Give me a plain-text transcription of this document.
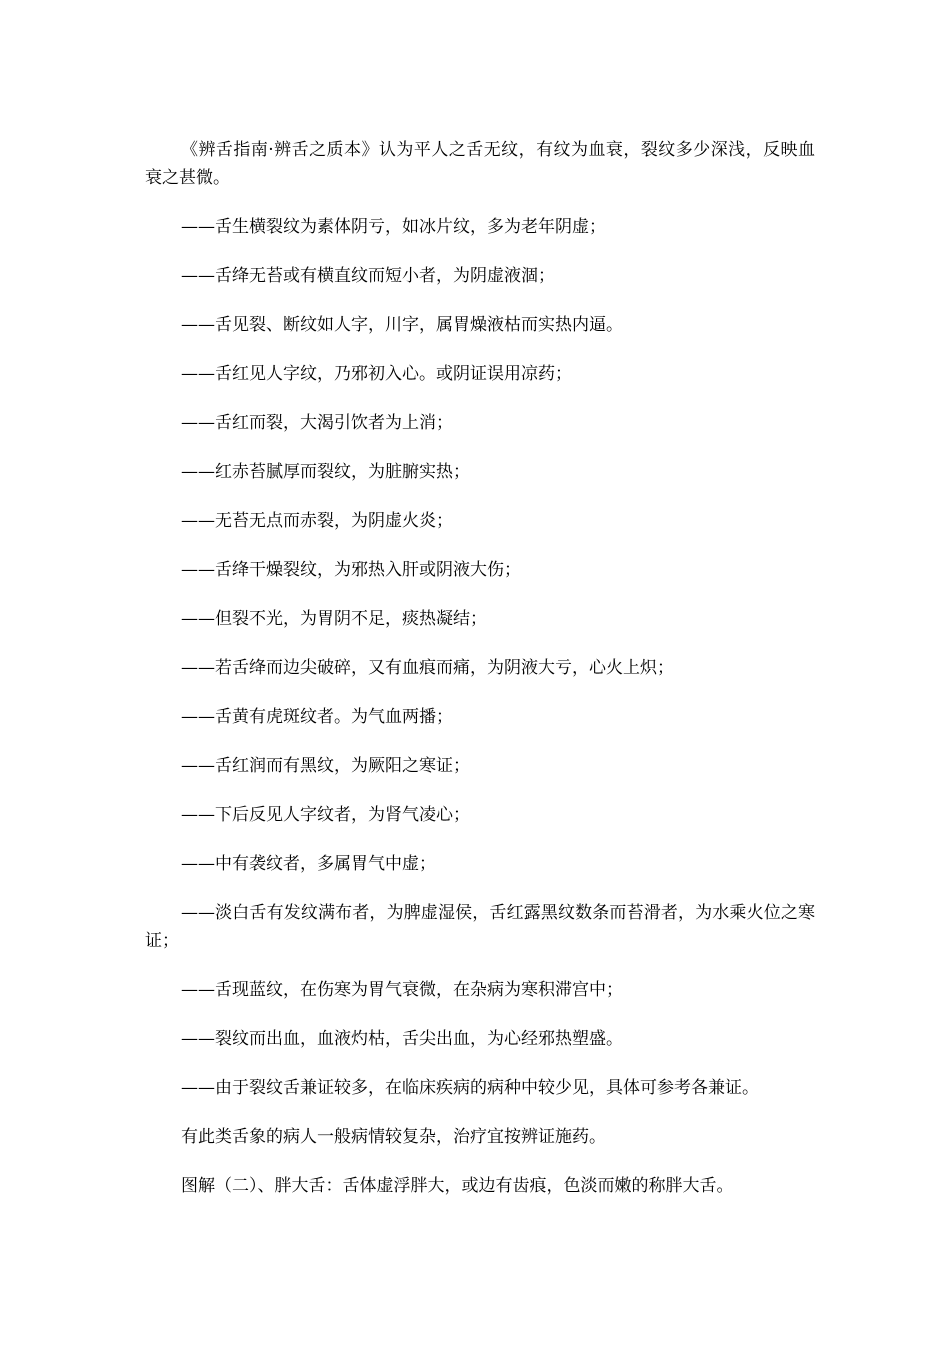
《辨舌指南·辨舌之质本》认为平人之舌无纹，有纹为血衰，裂纹多少深浅，反映血衰之甚微。

——舌生横裂纹为素体阴亏，如冰片纹，多为老年阴虚；

——舌绛无苔或有横直纹而短小者，为阴虚液涸；

——舌见裂、断纹如人字，川字，属胃燥液枯而实热内逼。

——舌红见人字纹，乃邪初入心。或阴证误用凉药；

——舌红而裂，大渴引饮者为上消；

——红赤苔腻厚而裂纹，为脏腑实热；

——无苔无点而赤裂，为阴虚火炎；

——舌绛干燥裂纹，为邪热入肝或阴液大伤；

——但裂不光，为胃阴不足，痰热凝结；

——若舌绛而边尖破碎，又有血痕而痛，为阴液大亏，心火上炽；

——舌黄有虎斑纹者。为气血两播；

——舌红润而有黑纹，为厥阳之寒证；

——下后反见人字纹者，为肾气凌心；

——中有袭纹者，多属胃气中虚；

——淡白舌有发纹满布者，为脾虚湿侯，舌红露黑纹数条而苔滑者，为水乘火位之寒证；

——舌现蓝纹，在伤寒为胃气衰微，在杂病为寒积滞宫中；

——裂纹而出血，血液灼枯，舌尖出血，为心经邪热塑盛。

——由于裂纹舌兼证较多，在临床疾病的病种中较少见，具体可参考各兼证。

有此类舌象的病人一般病情较复杂，治疗宜按辨证施药。

图解（二）、胖大舌：舌体虚浮胖大，或边有齿痕，色淡而嫩的称胖大舌。
